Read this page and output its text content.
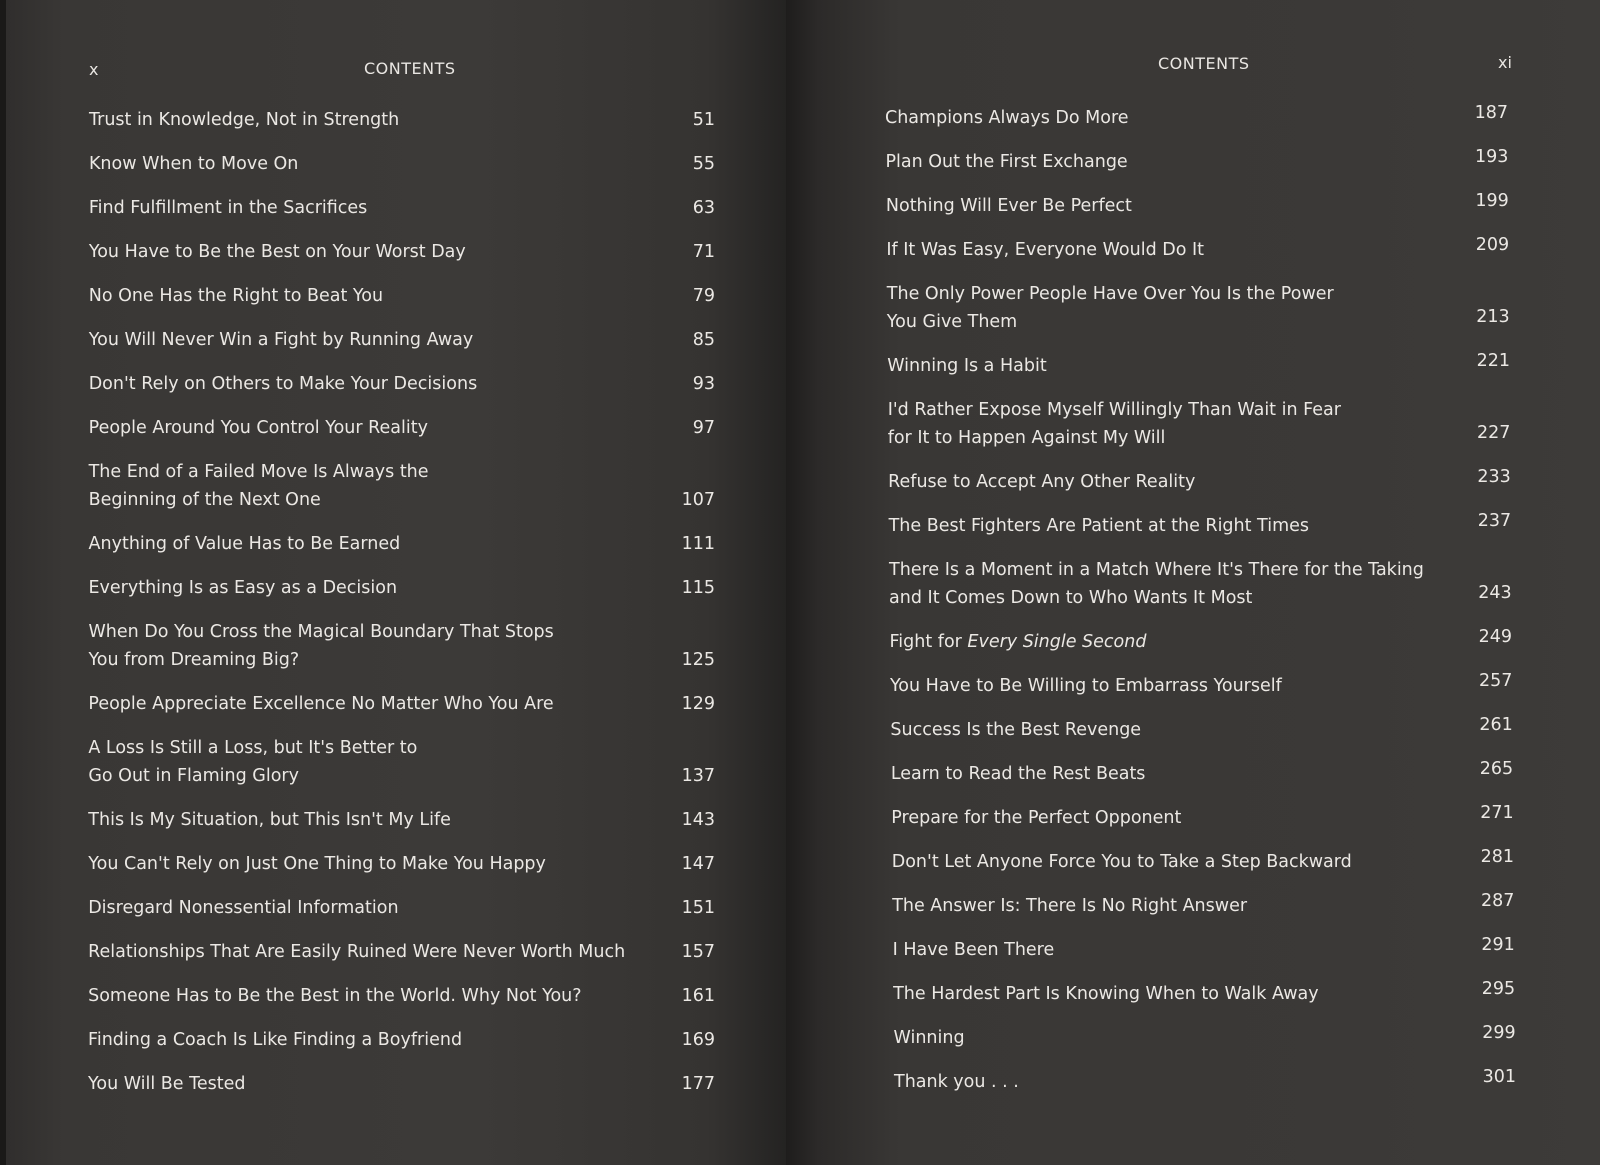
x	CONTENTS
Trust in Knowledge, Not in Strength	51
Know When to Move On	55
Find Fulfillment in the Sacrifices	63
You Have to Be the Best on Your Worst Day	71
No One Has the Right to Beat You	79
You Will Never Win a Fight by Running Away	85
Don't Rely on Others to Make Your Decisions	93
People Around You Control Your Reality	97
The End of a Failed Move Is Always the
Beginning of the Next One	107
Anything of Value Has to Be Earned	111
Everything Is as Easy as a Decision	115
When Do You Cross the Magical Boundary That Stops
You from Dreaming Big?	125
People Appreciate Excellence No Matter Who You Are	129
A Loss Is Still a Loss, but It's Better to
Go Out in Flaming Glory	137
This Is My Situation, but This Isn't My Life	143
You Can't Rely on Just One Thing to Make You Happy	147
Disregard Nonessential Information	151
Relationships That Are Easily Ruined Were Never Worth Much	157
Someone Has to Be the Best in the World. Why Not You?	161
Finding a Coach Is Like Finding a Boyfriend	169
You Will Be Tested	177
CONTENTS	xi
Champions Always Do More	187
Plan Out the First Exchange	193
Nothing Will Ever Be Perfect	199
If It Was Easy, Everyone Would Do It	209
The Only Power People Have Over You Is the Power
You Give Them	213
Winning Is a Habit	221
I'd Rather Expose Myself Willingly Than Wait in Fear
for It to Happen Against My Will	227
Refuse to Accept Any Other Reality	233
The Best Fighters Are Patient at the Right Times	237
There Is a Moment in a Match Where It's There for the Taking
and It Comes Down to Who Wants It Most	243
Fight for Every Single Second	249
You Have to Be Willing to Embarrass Yourself	257
Success Is the Best Revenge	261
Learn to Read the Rest Beats	265
Prepare for the Perfect Opponent	271
Don't Let Anyone Force You to Take a Step Backward	281
The Answer Is: There Is No Right Answer	287
I Have Been There	291
The Hardest Part Is Knowing When to Walk Away	295
Winning	299
Thank you . . .	301
